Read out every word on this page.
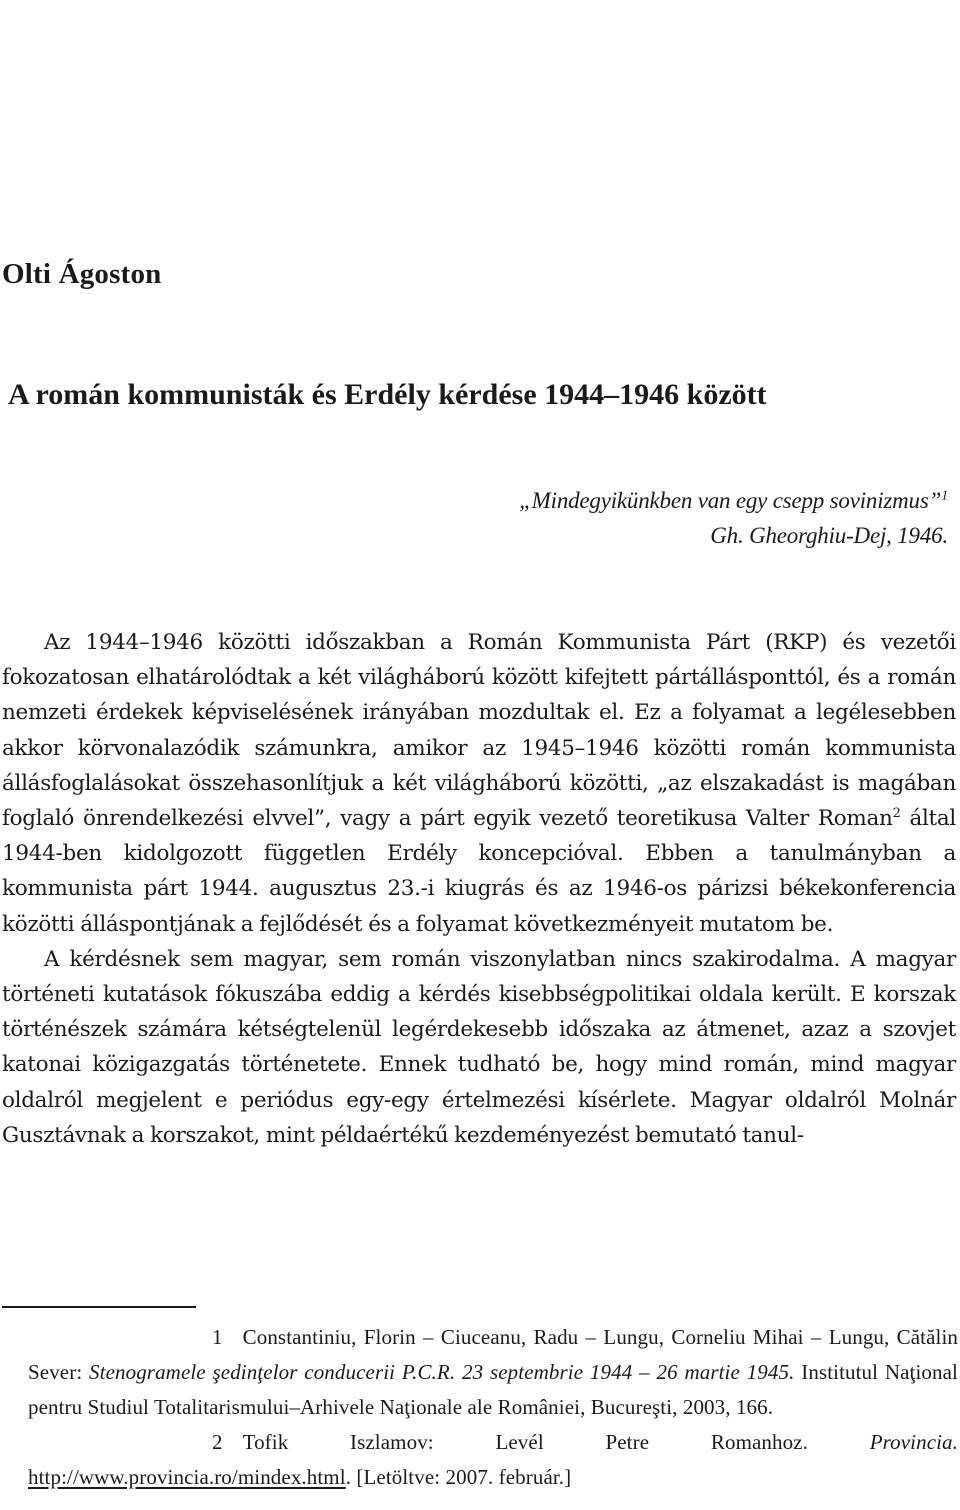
Olti Ágoston
A román kommunisták és Erdély kérdése 1944–1946 között
„Mindegyikünkben van egy csepp sovinizmus”$^1$
Gh. Gheorghiu-Dej, 1946.

Az 1944–1946 közötti időszakban a Román Kommunista Párt (RKP) és vezetői fokozatosan elhatárolódtak a két világháború között kifejtett pártállásponttól, és a román nemzeti érdekek képviselésének irányában mozdultak el. Ez a folyamat a legélesebben akkor körvonalazódik számunkra, amikor az 1945–1946 közötti román kommunista állásfoglalásokat összehasonlítjuk a két világháború közötti, „az elszakadást is magában foglaló önrendelkezési elvvel”, vagy a párt egyik vezető teoretikusa Valter Roman$^2$ által 1944-ben kidolgozott független Erdély koncepcióval. Ebben a tanulmányban a kommunista párt 1944. augusztus 23.-i kiugrás és az 1946-os párizsi békekonferencia közötti álláspontjának a fejlődését és a folyamat következményeit mutatom be.

A kérdésnek sem magyar, sem román viszonylatban nincs szakirodalma. A magyar történeti kutatások fókuszába eddig a kérdés kisebbségpolitikai oldala került. E korszak történészek számára kétségtelenül legérdekesebb időszaka az átmenet, azaz a szovjet katonai közigazgatás történetete. Ennek tudható be, hogy mind román, mind magyar oldalról megjelent e periódus egy-egy értelmezési kísérlete. Magyar oldalról Molnár Gusztávnak a korszakot, mint példaértékű kezdeményezést bemutató tanul-

1 Constantiniu, Florin – Ciuceanu, Radu – Lungu, Corneliu Mihai – Lungu, Cătălin Sever: Stenogramele şedinţelor conducerii P.C.R. 23 septembrie 1944 – 26 martie 1945. Institutul Naţional pentru Studiul Totalitarismului–Arhivele Naţionale ale României, Bucureşti, 2003, 166.

2 Tofik Iszlamov: Levél Petre Romanhoz. Provincia. http://www.provincia.ro/mindex.html. [Letöltve: 2007. február.]
